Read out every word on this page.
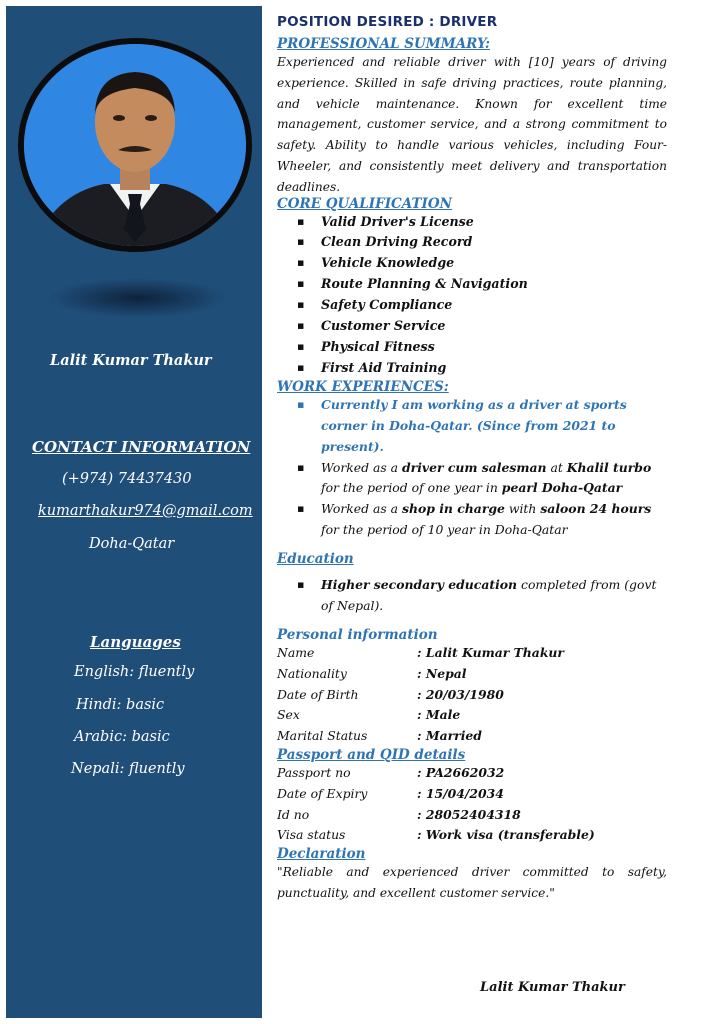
Lalit Kumar Thakur
CONTACT INFORMATION
(+974) 74437430
kumarthakur974@gmail.com
Doha-Qatar
Languages
English: fluently
Hindi: basic
Arabic: basic
Nepali: fluently
POSITION DESIRED : DRIVER
PROFESSIONAL SUMMARY:
Experienced and reliable driver with [10] years of driving experience. Skilled in safe driving practices, route planning, and vehicle maintenance. Known for excellent time management, customer service, and a strong commitment to safety. Ability to handle various vehicles, including Four-Wheeler, and consistently meet delivery and transportation deadlines.
CORE QUALIFICATION
▪ Valid Driver's License
▪ Clean Driving Record
▪ Vehicle Knowledge
▪ Route Planning & Navigation
▪ Safety Compliance
▪ Customer Service
▪ Physical Fitness
▪ First Aid Training
WORK EXPERIENCES:
▪ Currently I am working as a driver at sports corner in Doha-Qatar. (Since from 2021 to present).
▪ Worked as a driver cum salesman at Khalil turbo for the period of one year in pearl Doha-Qatar
▪ Worked as a shop in charge with saloon 24 hours for the period of 10 year in Doha-Qatar
Education
▪ Higher secondary education completed from (govt of Nepal).
Personal information
Name	: Lalit Kumar Thakur
Nationality	: Nepal
Date of Birth	: 20/03/1980
Sex	: Male
Marital Status	: Married
Passport and QID details
Passport no	: PA2662032
Date of Expiry	: 15/04/2034
Id no	: 28052404318
Visa status	: Work visa (transferable)
Declaration
"Reliable and experienced driver committed to safety, punctuality, and excellent customer service."
Lalit Kumar Thakur
